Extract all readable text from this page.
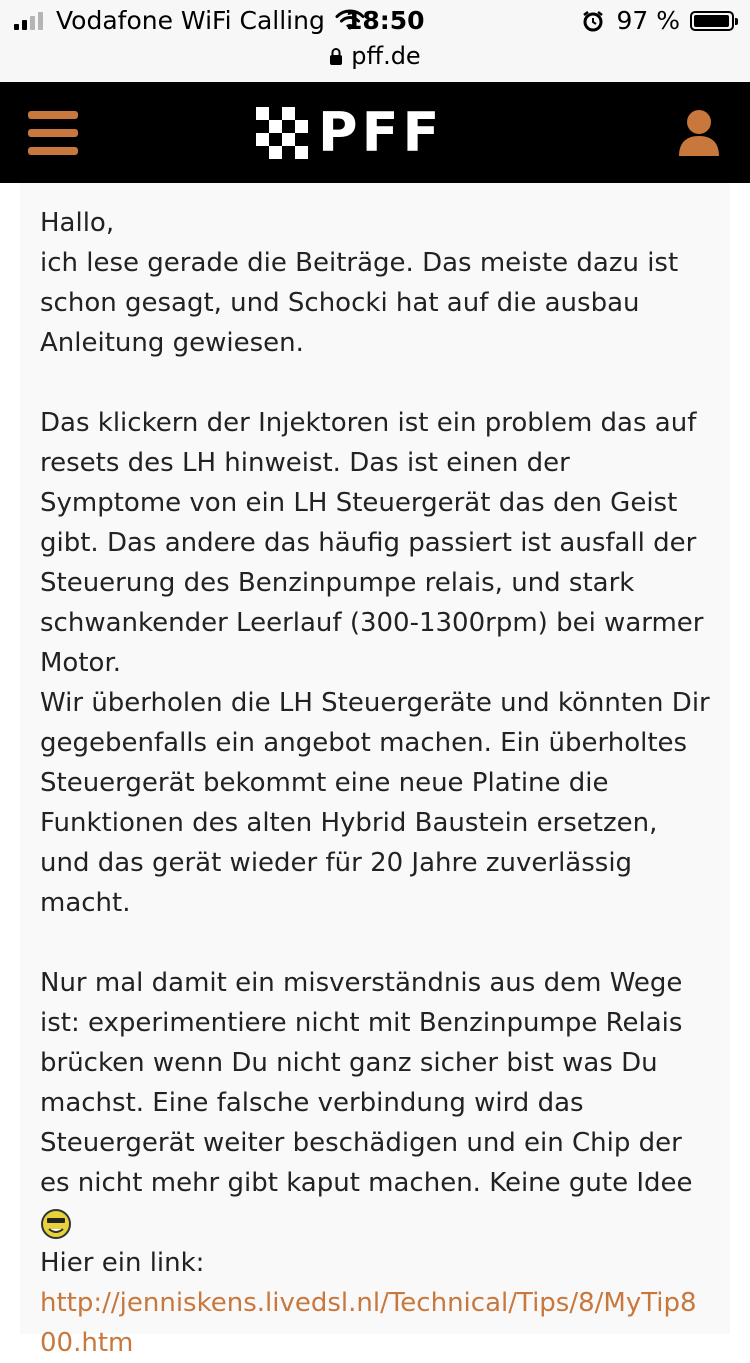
Vodafone WiFi Calling 18:50	97 %
pff.de
PFF

Hallo,

ich lese gerade die Beiträge. Das meiste dazu ist schon gesagt, und Schocki hat auf die ausbau Anleitung gewiesen.

Das klickern der Injektoren ist ein problem das auf resets des LH hinweist. Das ist einen der Symptome von ein LH Steuergerät das den Geist gibt. Das andere das häufig passiert ist ausfall der Steuerung des Benzinpumpe relais, und stark schwankender Leerlauf (300-1300rpm) bei warmer Motor.

Wir überholen die LH Steuergeräte und könnten Dir gegebenfalls ein angebot machen. Ein überholtes Steuergerät bekommt eine neue Platine die Funktionen des alten Hybrid Baustein ersetzen, und das gerät wieder für 20 Jahre zuverlässig macht.

Nur mal damit ein misverständnis aus dem Wege ist: experimentiere nicht mit Benzinpumpe Relais brücken wenn Du nicht ganz sicher bist was Du machst. Eine falsche verbindung wird das Steuergerät weiter beschädigen und ein Chip der es nicht mehr gibt kaput machen. Keine gute Idee

Hier ein link:

http://jenniskens.livedsl.nl/Technical/Tips/8/MyTip800.htm
